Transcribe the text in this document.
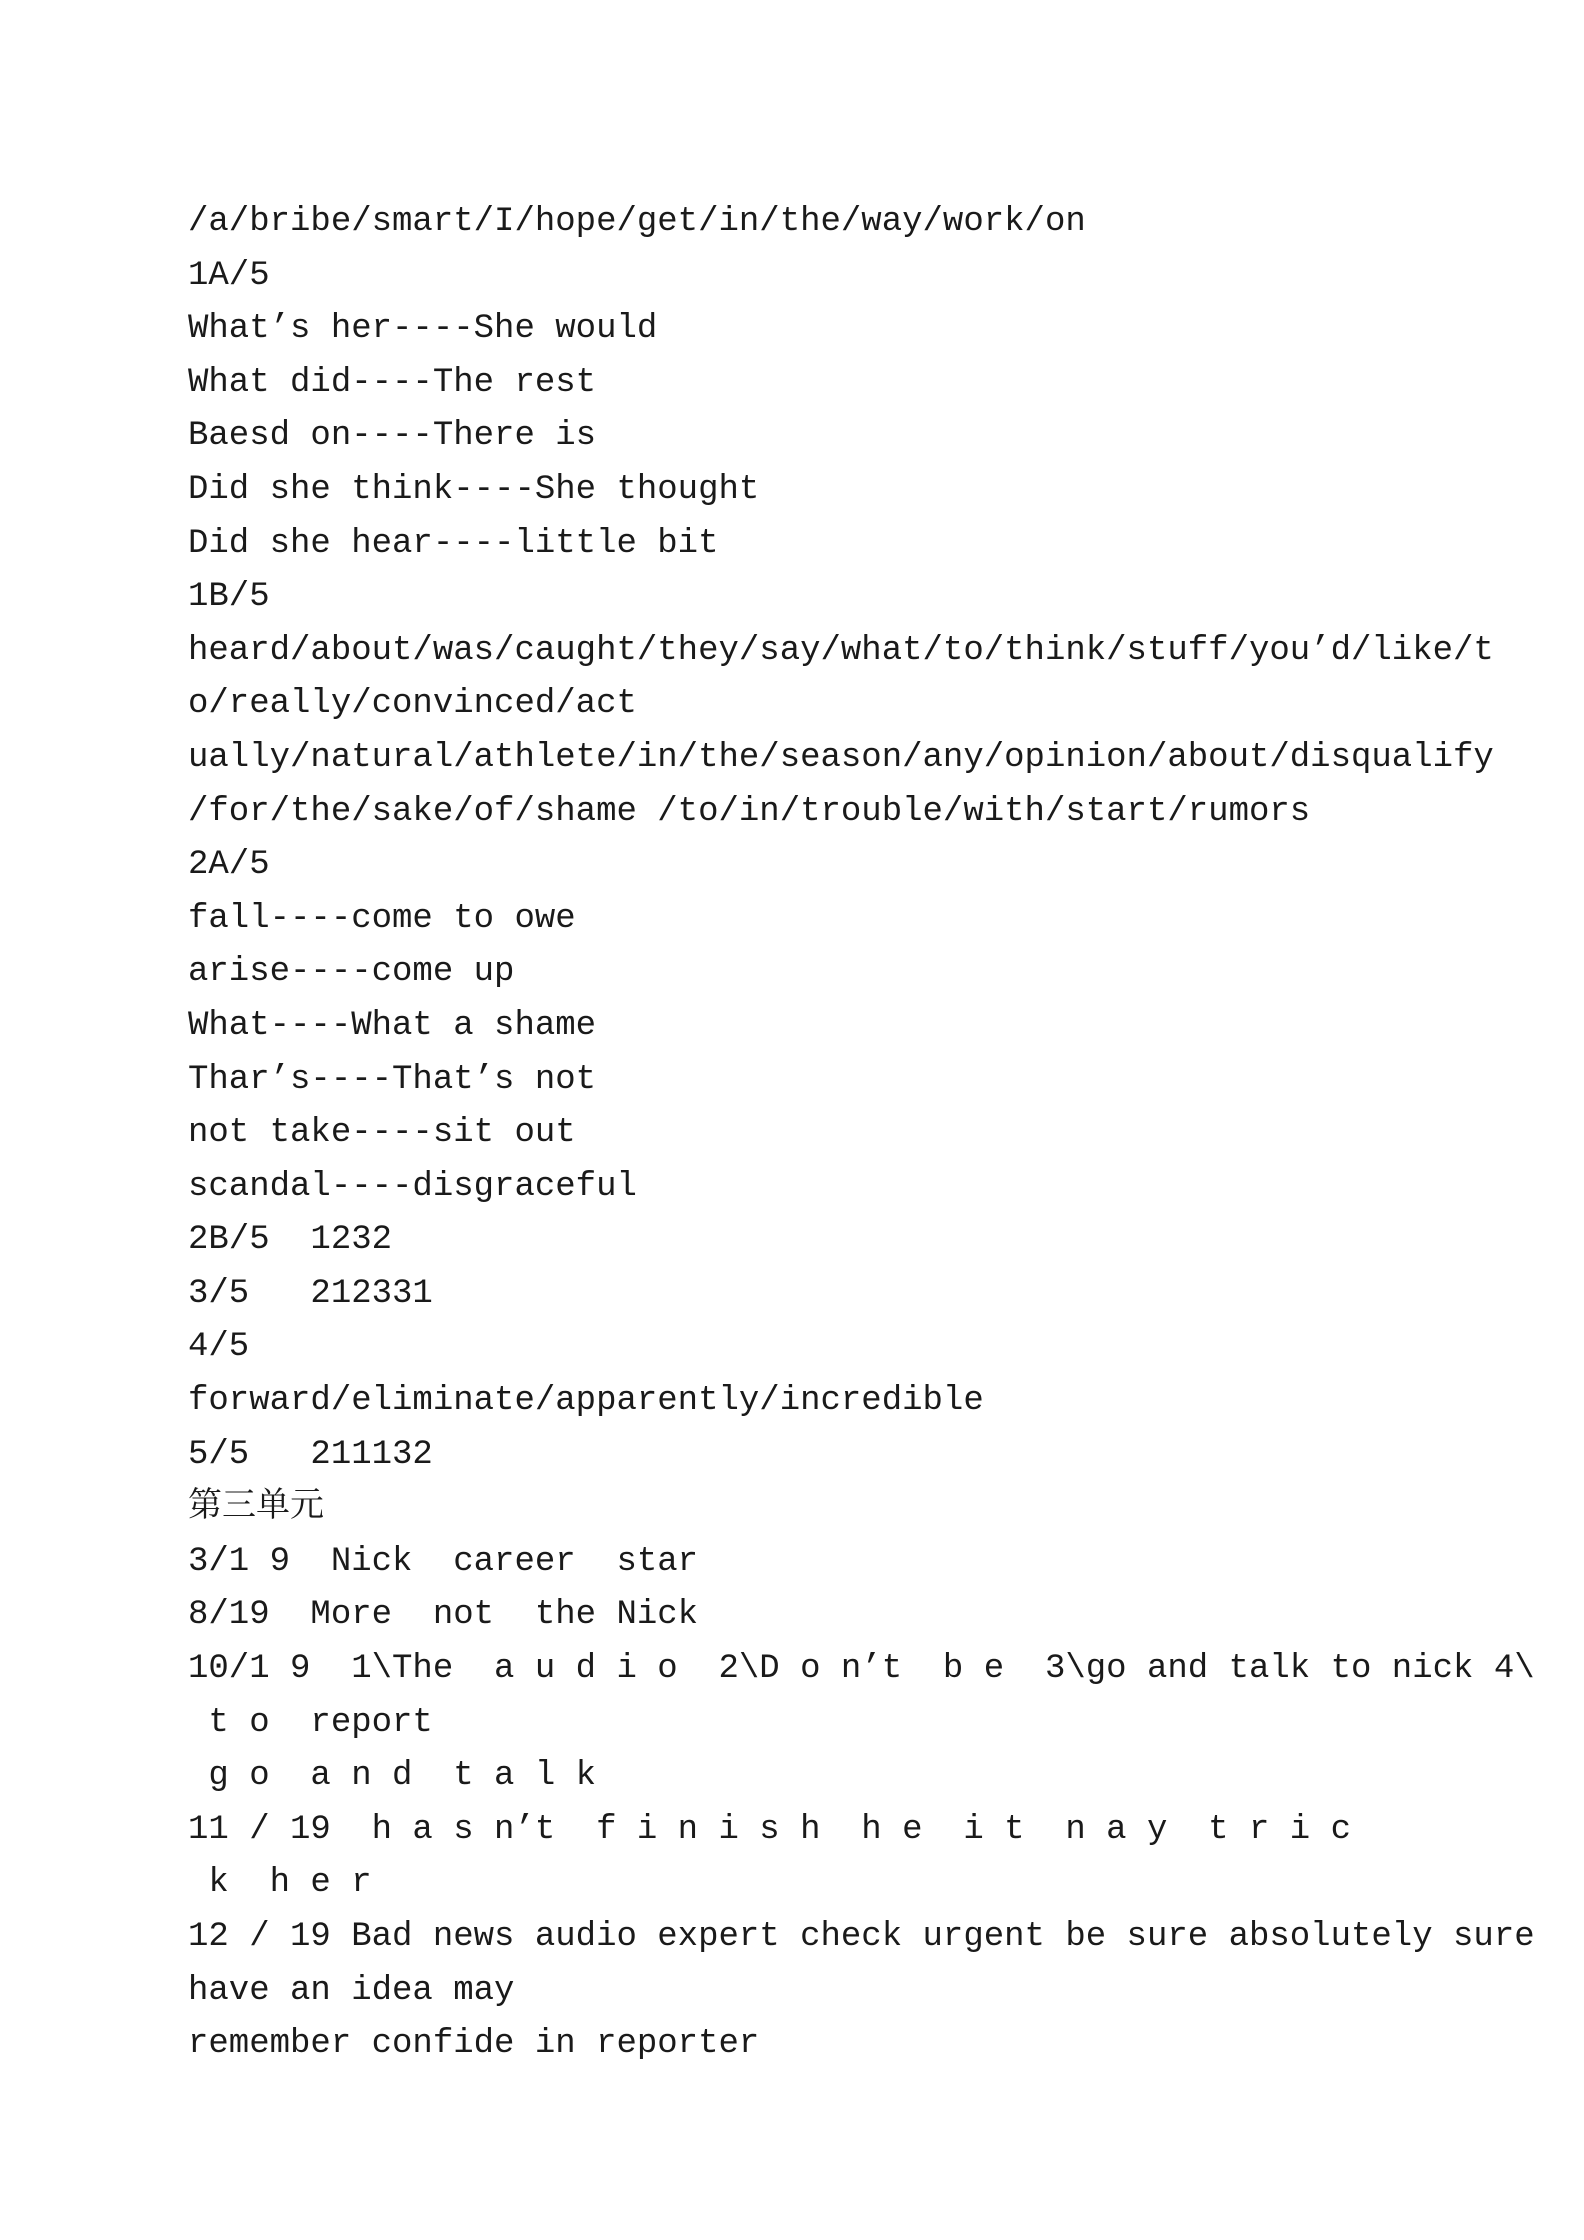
/a/bribe/smart/I/hope/get/in/the/way/work/on
1A/5
What’s her----She would
What did----The rest
Baesd on----There is
Did she think----She thought
Did she hear----little bit
1B/5
heard/about/was/caught/they/say/what/to/think/stuff/you’d/like/t
o/really/convinced/act
ually/natural/athlete/in/the/season/any/opinion/about/disqualify
/for/the/sake/of/shame /to/in/trouble/with/start/rumors
2A/5
fall----come to owe
arise----come up
What----What a shame
Thar’s----That’s not
not take----sit out
scandal----disgraceful
2B/5  1232
3/5   212331
4/5
forward/eliminate/apparently/incredible
5/5   211132
第三单元
3/1 9  Nick  career  star
8/19  More  not  the Nick
10/1 9  1\The  a u d i o  2\D o n’t  b e  3\go and talk to nick 4\
t o  report
g o  a n d  t a l k
11 / 19  h a s n’t  f i n i s h  h e  i t  n a y  t r i c
k  h e r
12 / 19 Bad news audio expert check urgent be sure absolutely sure
have an idea may
remember confide in reporter
